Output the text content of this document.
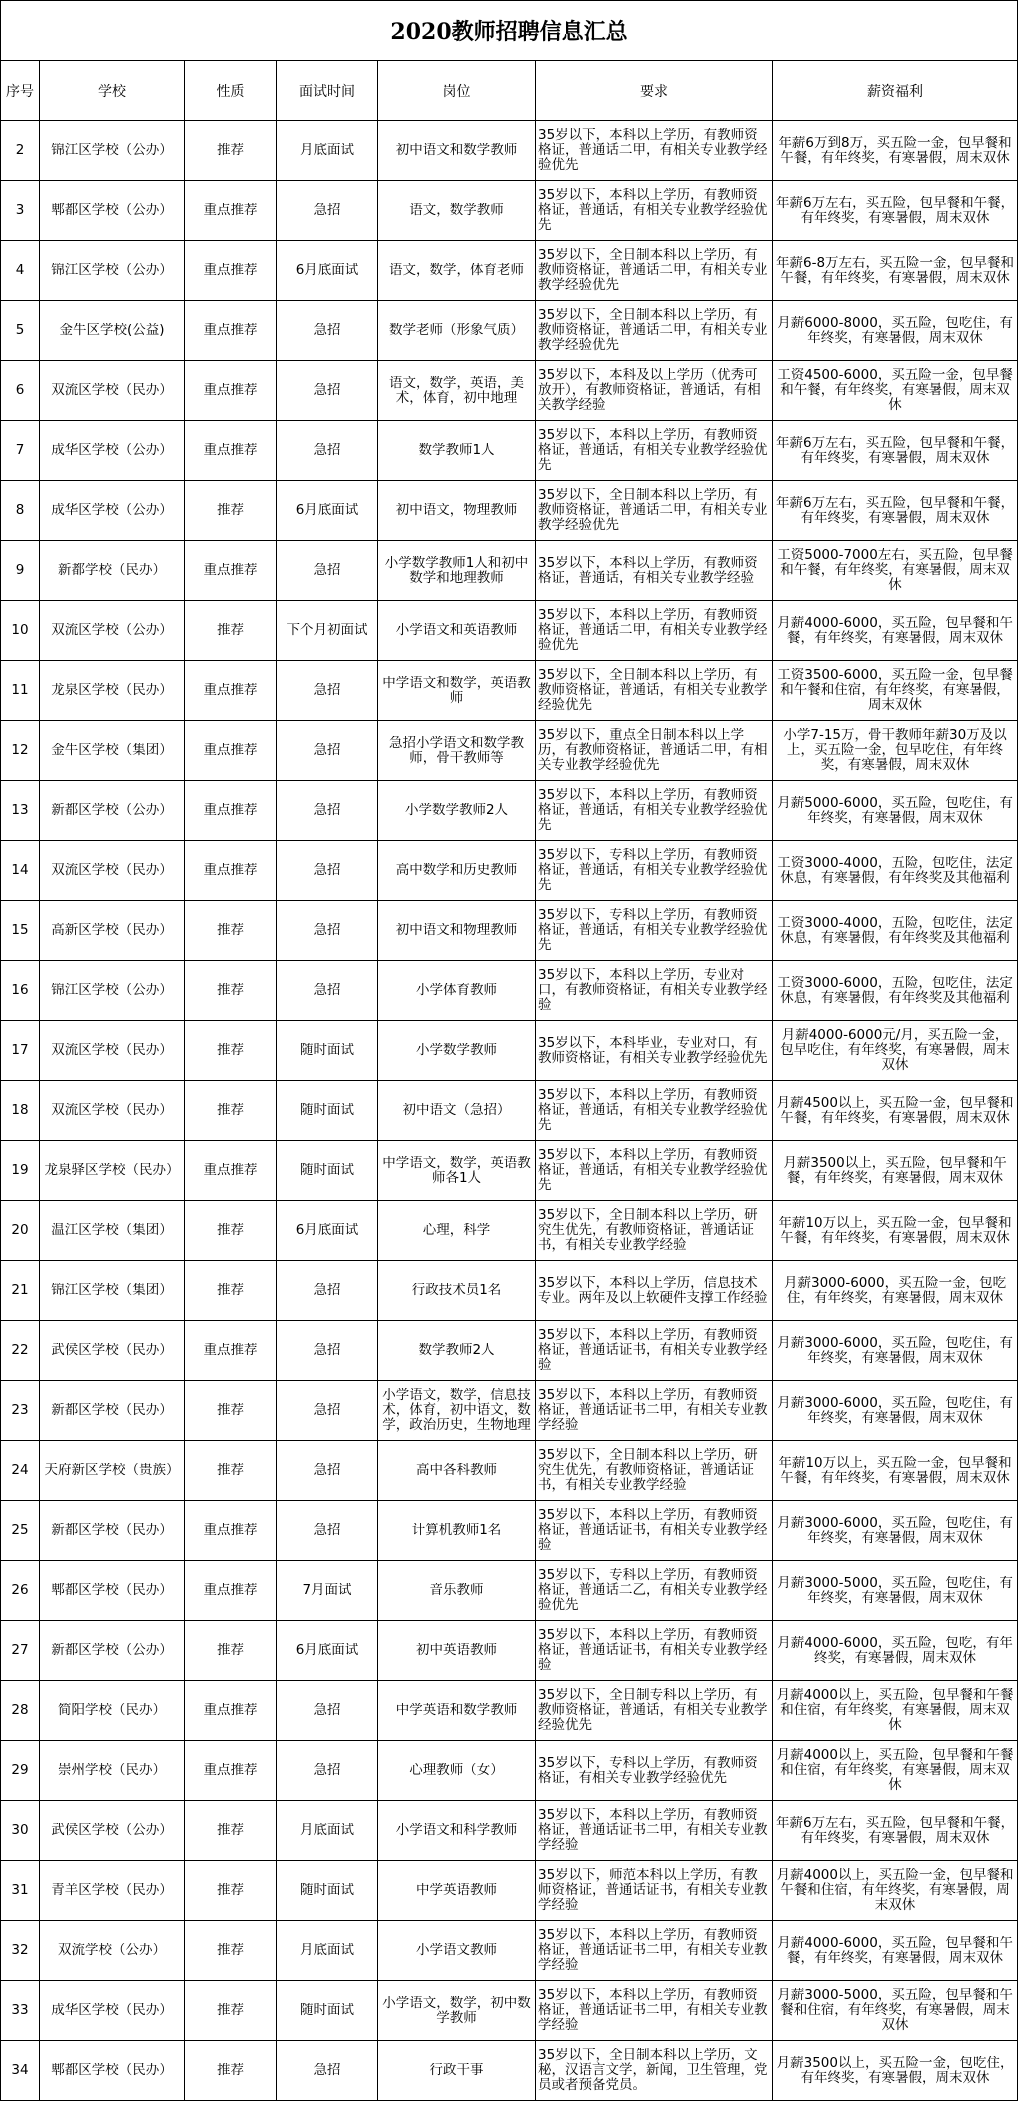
2020教师招聘信息汇总						
序号	学校	性质	面试时间	岗位	要求	薪资福利

2	锦江区学校（公办）	推荐	月底面试	初中语文和数学教师	35岁以下，本科以上学历，有教师资格证，普通话二甲，有相关专业教学经验优先	年薪6万到8万，买五险一金，包早餐和午餐，有年终奖，有寒暑假，周末双休

3	郫都区学校（公办）	重点推荐	急招	语文，数学教师	35岁以下，本科以上学历，有教师资格证，普通话，有相关专业教学经验优先	年薪6万左右，买五险，包早餐和午餐，有年终奖，有寒暑假，周末双休

4	锦江区学校（公办）	重点推荐	6月底面试	语文，数学，体育老师	35岁以下，全日制本科以上学历，有教师资格证，普通话二甲，有相关专业教学经验优先	年薪6-8万左右，买五险一金，包早餐和午餐，有年终奖，有寒暑假，周末双休

5	金牛区学校(公益)	重点推荐	急招	数学老师（形象气质）	35岁以下，全日制本科以上学历，有教师资格证，普通话二甲，有相关专业教学经验优先	月薪6000-8000，买五险，包吃住，有年终奖，有寒暑假，周末双休

6	双流区学校（民办）	重点推荐	急招	语文，数学，英语，美术，体育，初中地理	35岁以下，本科及以上学历（优秀可放开），有教师资格证，普通话，有相关教学经验	工资4500-6000，买五险一金，包早餐和午餐，有年终奖，有寒暑假，周末双休

7	成华区学校（公办）	重点推荐	急招	数学教师1人	35岁以下，本科以上学历，有教师资格证，普通话，有相关专业教学经验优先	年薪6万左右，买五险，包早餐和午餐，有年终奖，有寒暑假，周末双休

8	成华区学校（公办）	推荐	6月底面试	初中语文，物理教师	35岁以下，全日制本科以上学历，有教师资格证，普通话二甲，有相关专业教学经验优先	年薪6万左右，买五险，包早餐和午餐，有年终奖，有寒暑假，周末双休

9	新都学校（民办）	重点推荐	急招	小学数学教师1人和初中数学和地理教师	35岁以下，本科以上学历，有教师资格证，普通话，有相关专业教学经验	工资5000-7000左右，买五险，包早餐和午餐，有年终奖，有寒暑假，周末双休

10	双流区学校（公办）	推荐	下个月初面试	小学语文和英语教师	35岁以下，本科以上学历，有教师资格证，普通话二甲，有相关专业教学经验优先	月薪4000-6000，买五险，包早餐和午餐，有年终奖，有寒暑假，周末双休

11	龙泉区学校（民办）	重点推荐	急招	中学语文和数学，英语教师	35岁以下，全日制本科以上学历，有教师资格证，普通话，有相关专业教学经验优先	工资3500-6000，买五险一金，包早餐和午餐和住宿，有年终奖，有寒暑假，周末双休

12	金牛区学校（集团）	重点推荐	急招	急招小学语文和数学教师，骨干教师等	35岁以下，重点全日制本科以上学历，有教师资格证，普通话二甲，有相关专业教学经验优先	小学7-15万，骨干教师年薪30万及以上，买五险一金，包早吃住，有年终奖，有寒暑假，周末双休

13	新都区学校（公办）	重点推荐	急招	小学数学教师2人	35岁以下，本科以上学历，有教师资格证，普通话，有相关专业教学经验优先	月薪5000-6000，买五险，包吃住，有年终奖，有寒暑假，周末双休

14	双流区学校（民办）	重点推荐	急招	高中数学和历史教师	35岁以下，专科以上学历，有教师资格证，普通话，有相关专业教学经验优先	工资3000-4000，五险，包吃住，法定休息，有寒暑假，有年终奖及其他福利

15	高新区学校（民办）	推荐	急招	初中语文和物理教师	35岁以下，专科以上学历，有教师资格证，普通话，有相关专业教学经验优先	工资3000-4000，五险，包吃住，法定休息，有寒暑假，有年终奖及其他福利

16	锦江区学校（公办）	推荐	急招	小学体育教师	35岁以下，本科以上学历，专业对口，有教师资格证，有相关专业教学经验	工资3000-6000，五险，包吃住，法定休息，有寒暑假，有年终奖及其他福利

17	双流区学校（民办）	推荐	随时面试	小学数学教师	35岁以下，本科毕业，专业对口，有教师资格证，有相关专业教学经验优先	月薪4000-6000元/月，买五险一金，包早吃住，有年终奖，有寒暑假，周末双休

18	双流区学校（民办）	推荐	随时面试	初中语文（急招）	35岁以下，本科以上学历，有教师资格证，普通话，有相关专业教学经验优先	月薪4500以上，买五险一金，包早餐和午餐，有年终奖，有寒暑假，周末双休

19	龙泉驿区学校（民办）	重点推荐	随时面试	中学语文，数学，英语教师各1人	35岁以下，本科以上学历，有教师资格证，普通话，有相关专业教学经验优先	月薪3500以上，买五险，包早餐和午餐，有年终奖，有寒暑假，周末双休

20	温江区学校（集团）	推荐	6月底面试	心理，科学	35岁以下，全日制本科以上学历，研究生优先，有教师资格证，普通话证书，有相关专业教学经验	年薪10万以上，买五险一金，包早餐和午餐，有年终奖，有寒暑假，周末双休

21	锦江区学校（集团）	推荐	急招	行政技术员1名	35岁以下，本科以上学历，信息技术专业。两年及以上软硬件支撑工作经验	月薪3000-6000，买五险一金，包吃住，有年终奖，有寒暑假，周末双休

22	武侯区学校（民办）	重点推荐	急招	数学教师2人	35岁以下，本科以上学历，有教师资格证，普通话证书，有相关专业教学经验	月薪3000-6000，买五险，包吃住，有年终奖，有寒暑假，周末双休

23	新都区学校（民办）	推荐	急招	小学语文，数学，信息技术，体育，初中语文，数学，政治历史，生物地理	35岁以下，本科以上学历，有教师资格证，普通话证书二甲，有相关专业教学经验	月薪3000-6000，买五险，包吃住，有年终奖，有寒暑假，周末双休

24	天府新区学校（贵族）	推荐	急招	高中各科教师	35岁以下，全日制本科以上学历，研究生优先，有教师资格证，普通话证书，有相关专业教学经验	年薪10万以上，买五险一金，包早餐和午餐，有年终奖，有寒暑假，周末双休

25	新都区学校（民办）	重点推荐	急招	计算机教师1名	35岁以下，本科以上学历，有教师资格证，普通话证书，有相关专业教学经验	月薪3000-6000，买五险，包吃住，有年终奖，有寒暑假，周末双休

26	郫都区学校（民办）	重点推荐	7月面试	音乐教师	35岁以下，专科以上学历，有教师资格证，普通话二乙，有相关专业教学经验优先	月薪3000-5000，买五险，包吃住，有年终奖，有寒暑假，周末双休

27	新都区学校（公办）	推荐	6月底面试	初中英语教师	35岁以下，本科以上学历，有教师资格证，普通话证书，有相关专业教学经验	月薪4000-6000，买五险，包吃，有年终奖，有寒暑假，周末双休

28	简阳学校（民办）	重点推荐	急招	中学英语和数学教师	35岁以下，全日制专科以上学历，有教师资格证，普通话，有相关专业教学经验优先	月薪4000以上，买五险，包早餐和午餐和住宿，有年终奖，有寒暑假，周末双休

29	崇州学校（民办）	重点推荐	急招	心理教师（女）	35岁以下，专科以上学历，有教师资格证，有相关专业教学经验优先	月薪4000以上，买五险，包早餐和午餐和住宿，有年终奖，有寒暑假，周末双休

30	武侯区学校（公办）	推荐	月底面试	小学语文和科学教师	35岁以下，本科以上学历，有教师资格证，普通话证书二甲，有相关专业教学经验	年薪6万左右，买五险，包早餐和午餐，有年终奖，有寒暑假，周末双休

31	青羊区学校（民办）	推荐	随时面试	中学英语教师	35岁以下，师范本科以上学历，有教师资格证，普通话证书，有相关专业教学经验	月薪4000以上，买五险一金，包早餐和午餐和住宿，有年终奖，有寒暑假，周末双休

32	双流学校（公办）	推荐	月底面试	小学语文教师	35岁以下，本科以上学历，有教师资格证，普通话证书二甲，有相关专业教学经验	月薪4000-6000，买五险，包早餐和午餐，有年终奖，有寒暑假，周末双休

33	成华区学校（民办）	推荐	随时面试	小学语文，数学，初中数学教师	35岁以下，本科以上学历，有教师资格证，普通话证书二甲，有相关专业教学经验	月薪3000-5000，买五险，包早餐和午餐和住宿，有年终奖，有寒暑假，周末双休

34	郫都区学校（民办）	推荐	急招	行政干事	35岁以下，全日制本科以上学历，文秘，汉语言文学，新闻，卫生管理，党员或者预备党员。	月薪3500以上，买五险一金，包吃住，有年终奖，有寒暑假，周末双休
